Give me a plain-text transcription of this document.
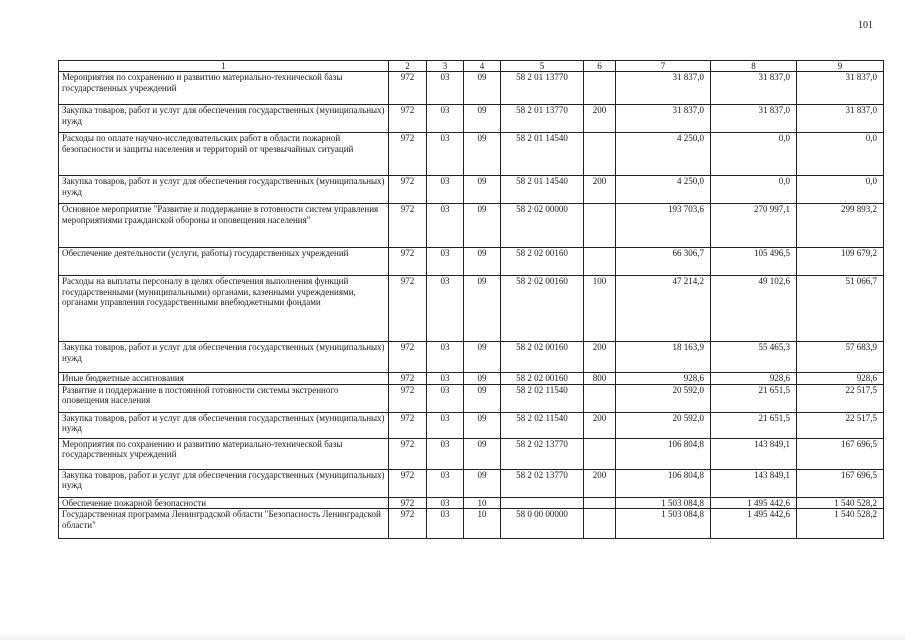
101
1	2	3	4	5	6	7	8	9
Мероприятия по сохранению и развитию материально-технической базы государственных учреждений	972	03	09	58 2 01 13770		31 837,0	31 837,0	31 837,0
Закупка товаров, работ и услуг для обеспечения государственных (муниципальных) нужд	972	03	09	58 2 01 13770	200	31 837,0	31 837,0	31 837,0
Расходы по оплате научно-исследовательских работ в области пожарной безопасности и защиты населения и территорий от чрезвычайных ситуаций	972	03	09	58 2 01 14540		4 250,0	0,0	0,0
Закупка товаров, работ и услуг для обеспечения государственных (муниципальных) нужд	972	03	09	58 2 01 14540	200	4 250,0	0,0	0,0
Основное мероприятие "Развитие и поддержание в готовности систем управления мероприятиями гражданской обороны и оповещения населения"	972	03	09	58 2 02 00000		193 703,6	270 997,1	299 893,2
Обеспечение деятельности (услуги, работы) государственных учреждений	972	03	09	58 2 02 00160		66 306,7	105 496,5	109 679,2
Расходы на выплаты персоналу в целях обеспечения выполнения функций государственными (муниципальными) органами, казенными учреждениями, органами управления государственными внебюджетными фондами	972	03	09	58 2 02 00160	100	47 214,2	49 102,6	51 066,7
Закупка товаров, работ и услуг для обеспечения государственных (муниципальных) нужд	972	03	09	58 2 02 00160	200	18 163,9	55 465,3	57 683,9
Иные бюджетные ассигнования	972	03	09	58 2 02 00160	800	928,6	928,6	928,6
Развитие и поддержание в постоянной готовности системы экстренного оповещения населения	972	03	09	58 2 02 11540		20 592,0	21 651,5	22 517,5
Закупка товаров, работ и услуг для обеспечения государственных (муниципальных) нужд	972	03	09	58 2 02 11540	200	20 592,0	21 651,5	22 517,5
Мероприятия по сохранению и развитию материально-технической базы государственных учреждений	972	03	09	58 2 02 13770		106 804,8	143 849,1	167 696,5
Закупка товаров, работ и услуг для обеспечения государственных (муниципальных) нужд	972	03	09	58 2 02 13770	200	106 804,8	143 849,1	167 696,5
Обеспечение пожарной безопасности	972	03	10			1 503 084,8	1 495 442,6	1 540 528,2
Государственная программа Ленинградской области "Безопасность Ленинградской области"	972	03	10	58 0 00 00000		1 503 084,8	1 495 442,6	1 540 528,2
